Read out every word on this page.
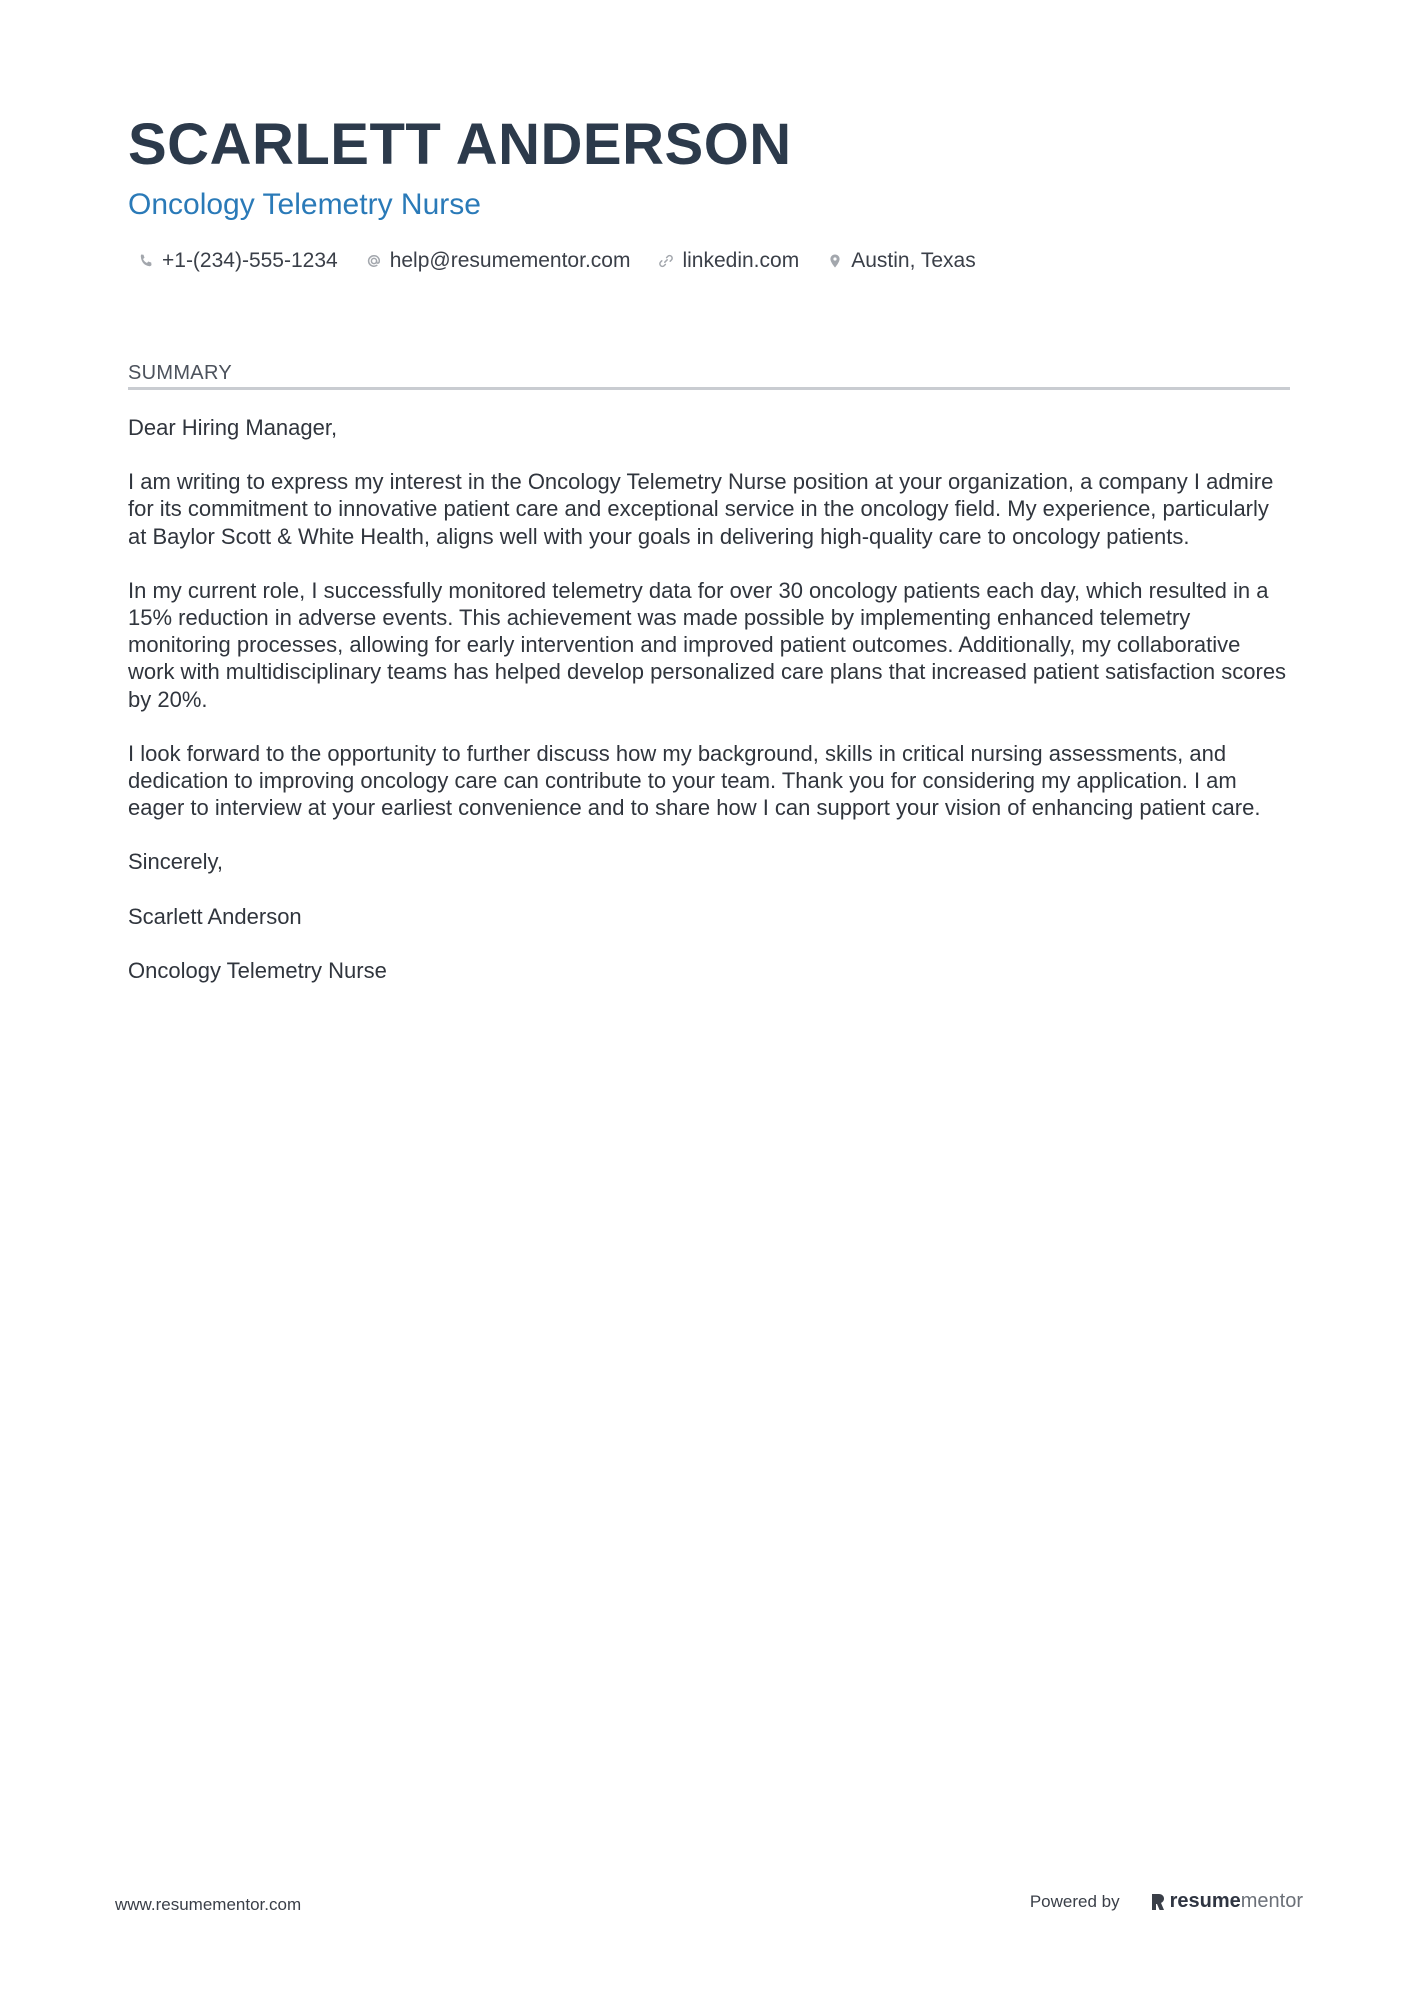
SCARLETT ANDERSON
Oncology Telemetry Nurse
+1-(234)-555-1234 help@resumementor.com linkedin.com Austin, Texas
SUMMARY

Dear Hiring Manager,

I am writing to express my interest in the Oncology Telemetry Nurse position at your organization, a company I admire for its commitment to innovative patient care and exceptional service in the oncology field. My experience, particularly at Baylor Scott & White Health, aligns well with your goals in delivering high-quality care to oncology patients.

In my current role, I successfully monitored telemetry data for over 30 oncology patients each day, which resulted in a 15% reduction in adverse events. This achievement was made possible by implementing enhanced telemetry monitoring processes, allowing for early intervention and improved patient outcomes. Additionally, my collaborative work with multidisciplinary teams has helped develop personalized care plans that increased patient satisfaction scores by 20%.

I look forward to the opportunity to further discuss how my background, skills in critical nursing assessments, and dedication to improving oncology care can contribute to your team. Thank you for considering my application. I am eager to interview at your earliest convenience and to share how I can support your vision of enhancing patient care.

Sincerely,

Scarlett Anderson

Oncology Telemetry Nurse

www.resumementor.com	Powered by	resume mentor
